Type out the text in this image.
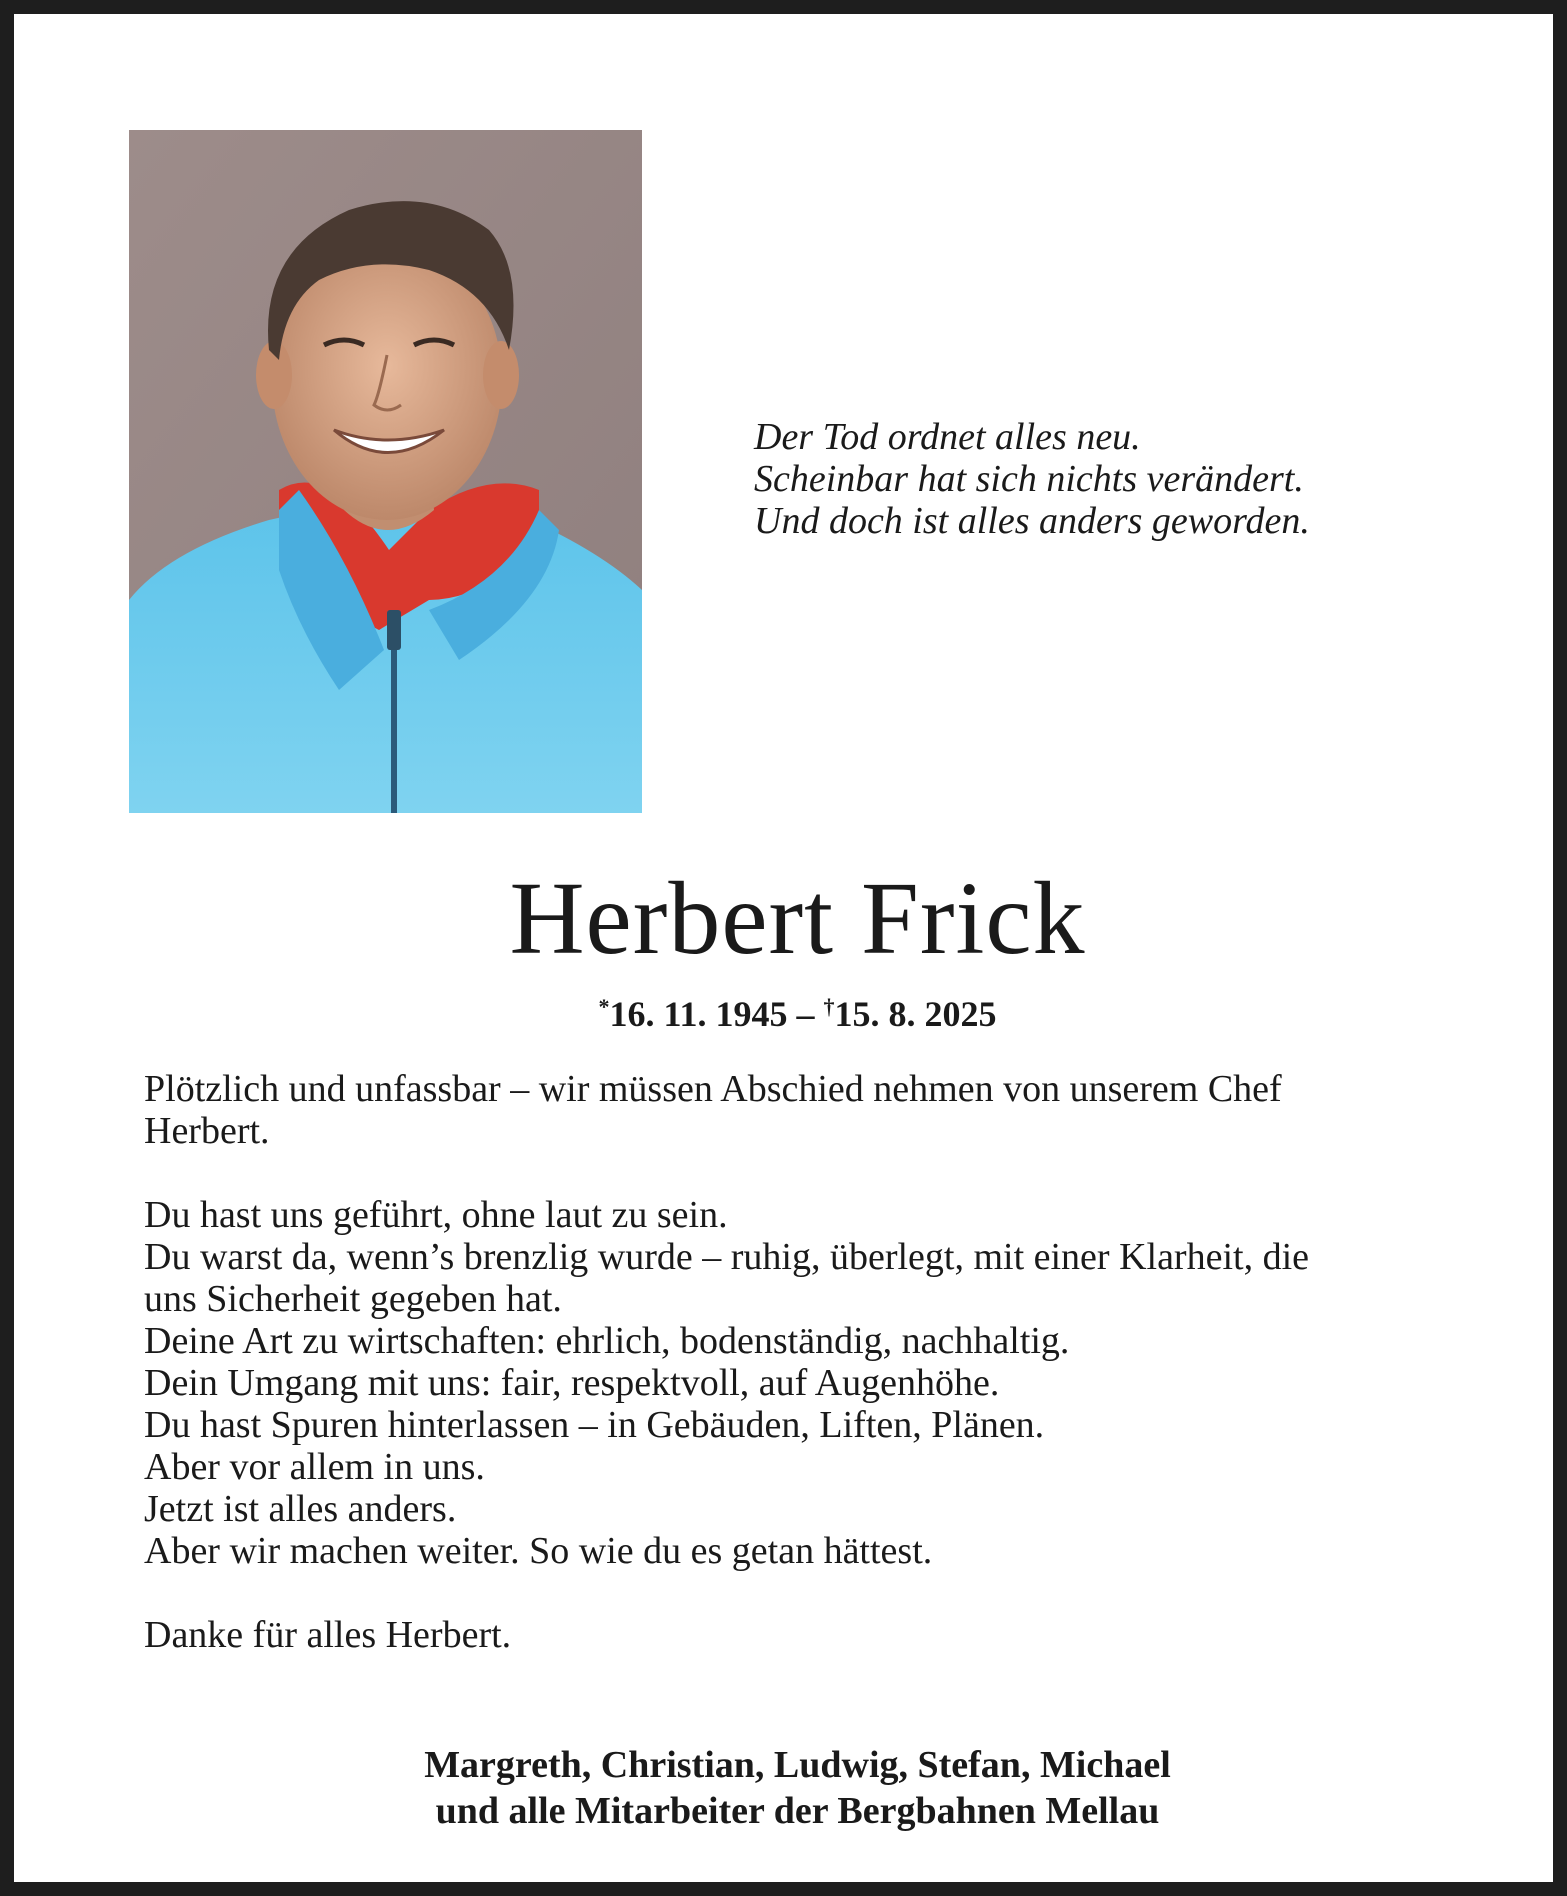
Der Tod ordnet alles neu.
Scheinbar hat sich nichts verändert.
Und doch ist alles anders geworden.
Herbert Frick
*16. 11. 1945 – †15. 8. 2025

Plötzlich und unfassbar – wir müssen Abschied nehmen von unserem Chef
Herbert.

Du hast uns geführt, ohne laut zu sein.
Du warst da, wenn’s brenzlig wurde – ruhig, überlegt, mit einer Klarheit, die
uns Sicherheit gegeben hat.
Deine Art zu wirtschaften: ehrlich, bodenständig, nachhaltig.
Dein Umgang mit uns: fair, respektvoll, auf Augenhöhe.
Du hast Spuren hinterlassen – in Gebäuden, Liften, Plänen.
Aber vor allem in uns.
Jetzt ist alles anders.
Aber wir machen weiter. So wie du es getan hättest.

Danke für alles Herbert.

Margreth, Christian, Ludwig, Stefan, Michael
und alle Mitarbeiter der Bergbahnen Mellau
